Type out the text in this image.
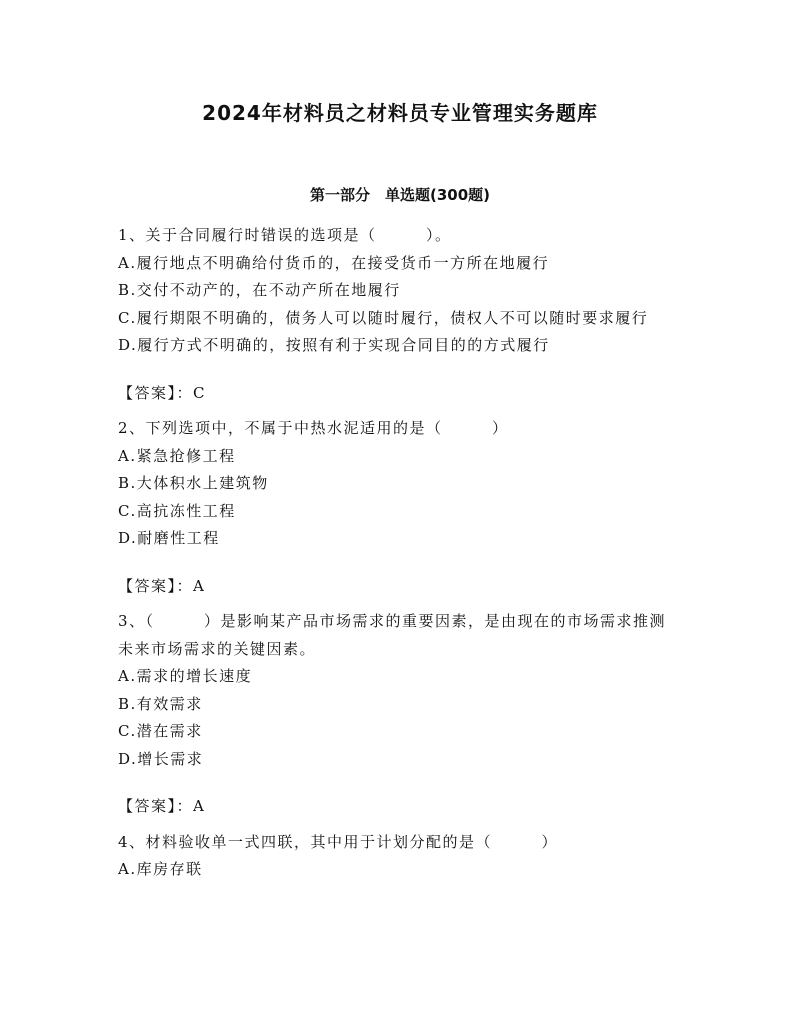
2024年材料员之材料员专业管理实务题库
第一部分　单选题(300题)
1、关于合同履行时错误的选项是（　　　）。
A.履行地点不明确给付货币的，在接受货币一方所在地履行
B.交付不动产的，在不动产所在地履行
C.履行期限不明确的，债务人可以随时履行，债权人不可以随时要求履行
D.履行方式不明确的，按照有利于实现合同目的的方式履行
【答案】：C
2、下列选项中，不属于中热水泥适用的是（　　　）
A.紧急抢修工程
B.大体积水上建筑物
C.高抗冻性工程
D.耐磨性工程
【答案】：A
3、（　　　）是影响某产品市场需求的重要因素，是由现在的市场需求推测未来市场需求的关键因素。
A.需求的增长速度
B.有效需求
C.潜在需求
D.增长需求
【答案】：A
4、材料验收单一式四联，其中用于计划分配的是（　　　）
A.库房存联
